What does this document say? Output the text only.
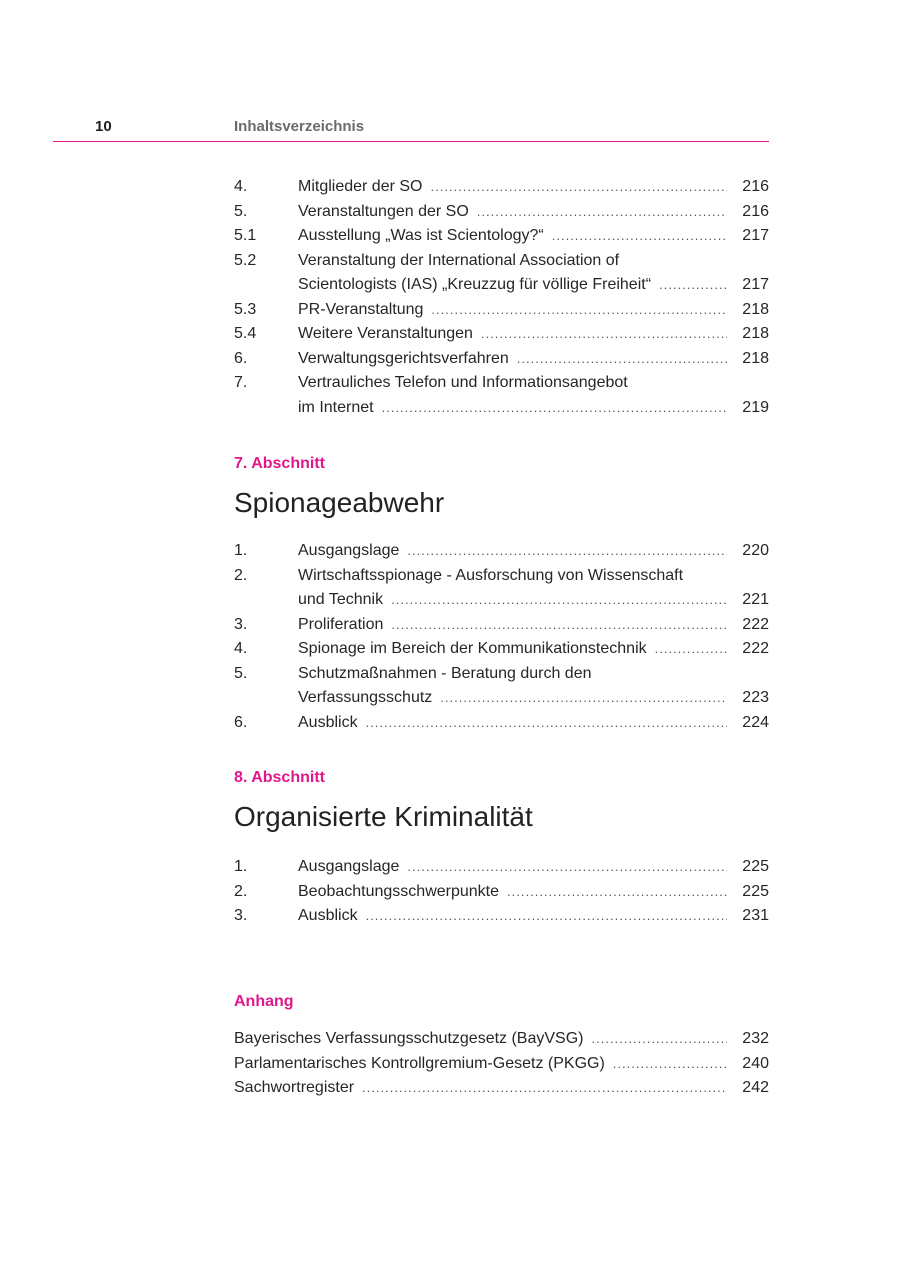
10	Inhaltsverzeichnis
4.	Mitglieder der SO .....	216
5.	Veranstaltungen der SO .....	216
5.1	Ausstellung „Was ist Scientology?“ .....	217
5.2	Veranstaltung der International Association of
Scientologists (IAS) „Kreuzzug für völlige Freiheit“ .....	217
5.3	PR-Veranstaltung .....	218
5.4	Weitere Veranstaltungen .....	218
6.	Verwaltungsgerichtsverfahren .....	218
7.	Vertrauliches Telefon und Informationsangebot
im Internet .....	219
7. Abschnitt
Spionageabwehr
1.	Ausgangslage .....	220
2.	Wirtschaftsspionage - Ausforschung von Wissenschaft
und Technik .....	221
3.	Proliferation .....	222
4.	Spionage im Bereich der Kommunikationstechnik .....	222
5.	Schutzmaßnahmen - Beratung durch den
Verfassungsschutz .....	223
6.	Ausblick .....	224
8. Abschnitt
Organisierte Kriminalität
1.	Ausgangslage .....	225
2.	Beobachtungsschwerpunkte .....	225
3.	Ausblick .....	231
Anhang
Bayerisches Verfassungsschutzgesetz (BayVSG) .....	232
Parlamentarisches Kontrollgremium-Gesetz (PKGG) .....	240
Sachwortregister .....	242
